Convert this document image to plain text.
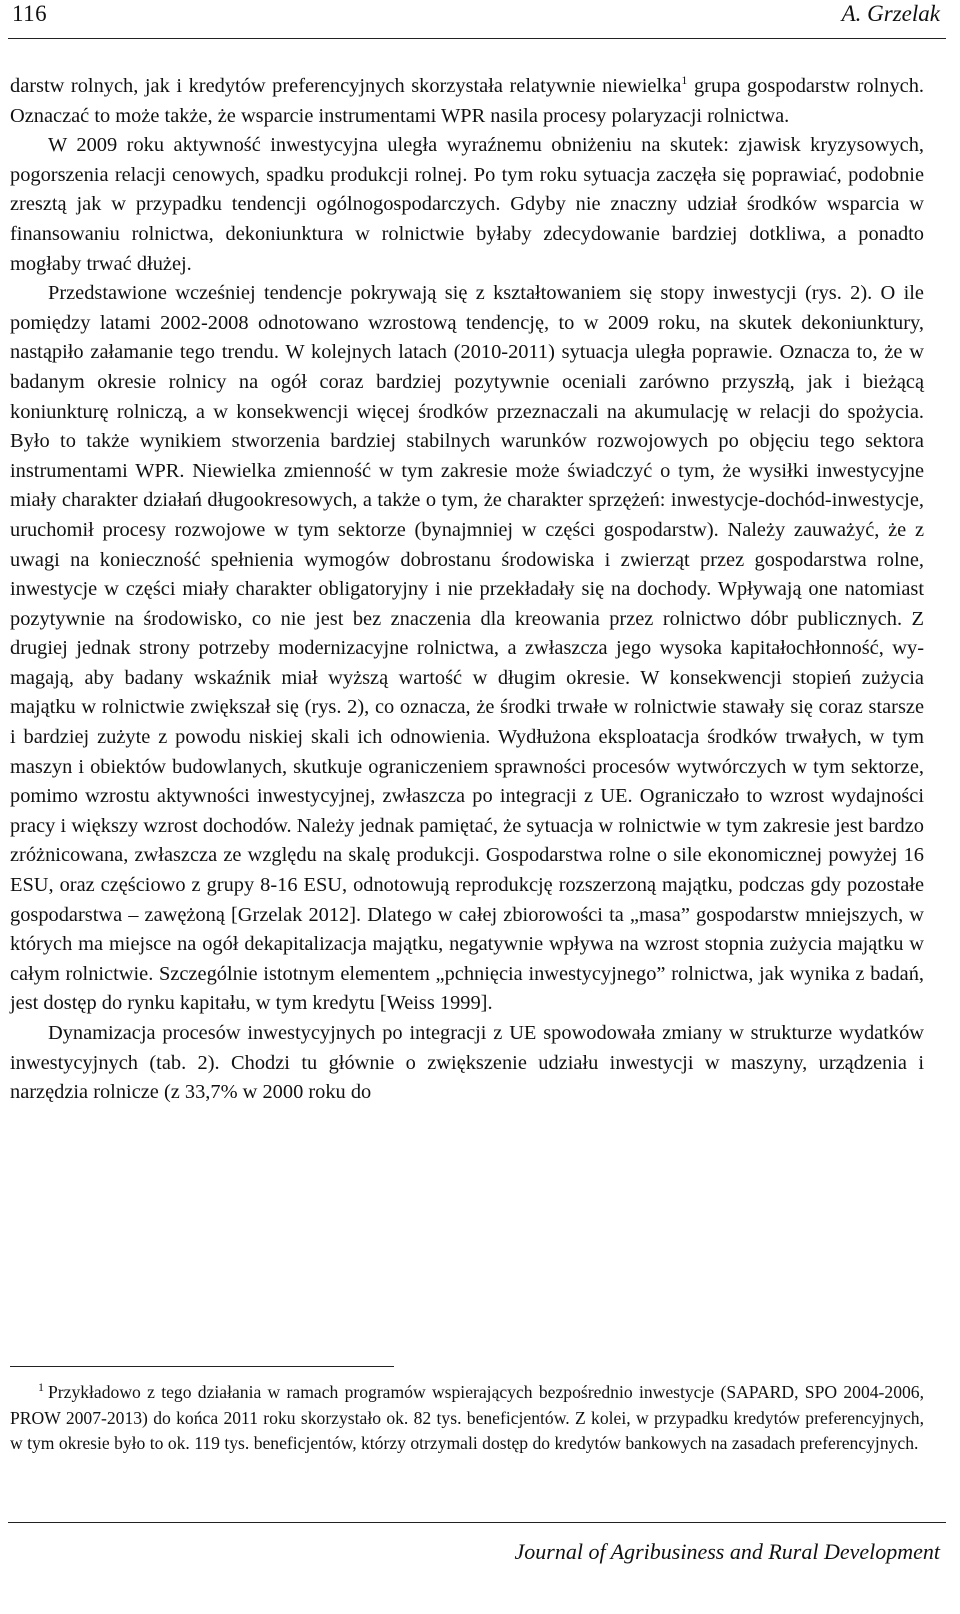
116	A. Grzelak

darstw rolnych, jak i kredytów preferencyjnych skorzystała relatywnie niewielka$^1$ grupa gospodarstw rolnych. Oznaczać to może także, że wsparcie instrumentami WPR nasila procesy polaryzacji rolnictwa.

W 2009 roku aktywność inwestycyjna uległa wyraźnemu obniżeniu na skutek: zjawisk kryzysowych, pogorszenia relacji cenowych, spadku produkcji rolnej. Po tym roku sytuacja zaczęła się poprawiać, podobnie zresztą jak w przypadku tendencji ogólnogospodarczych. Gdyby nie znaczny udział środków wsparcia w finansowaniu rolnictwa, dekoniunktura w rolnictwie byłaby zdecydowanie bardziej dotkliwa, a ponadto mogłaby trwać dłużej.

Przedstawione wcześniej tendencje pokrywają się z kształtowaniem się stopy inwestycji (rys. 2). O ile pomiędzy latami 2002-2008 odnotowano wzrostową tendencję, to w 2009 roku, na skutek dekoniunktury, nastąpiło załamanie tego trendu. W kolejnych latach (2010-2011) sytuacja uległa poprawie. Oznacza to, że w badanym okresie rolnicy na ogół coraz bardziej pozytywnie oceniali zarówno przyszłą, jak i bieżącą koniunkturę rolniczą, a w konsekwencji więcej środków przeznaczali na akumulację w relacji do spożycia. Było to także wynikiem stworzenia bardziej stabilnych warunków rozwojowych po objęciu tego sektora instrumentami WPR. Niewielka zmienność w tym zakresie może świadczyć o tym, że wysiłki inwestycyjne miały charakter działań długookresowych, a także o tym, że charakter sprzężeń: inwestycje-dochód-inwestycje, uruchomił procesy rozwojowe w tym sektorze (bynajmniej w części gospodarstw). Należy zauważyć, że z uwagi na konieczność spełnienia wymogów dobrostanu środowiska i zwierząt przez gospodarstwa rolne, inwestycje w części miały charakter obligatoryjny i nie przekładały się na dochody. Wpływają one natomiast pozytywnie na środowisko, co nie jest bez znaczenia dla kreowania przez rolnictwo dóbr publicznych. Z drugiej jednak strony potrzeby modernizacyjne rolnictwa, a zwłaszcza jego wysoka kapitałochłonność, wymagają, aby badany wskaźnik miał wyższą wartość w długim okresie. W konsekwencji stopień zużycia majątku w rolnictwie zwiększał się (rys. 2), co oznacza, że środki trwałe w rolnictwie stawały się coraz starsze i bardziej zużyte z powodu niskiej skali ich odnowienia. Wydłużona eksploatacja środków trwałych, w tym maszyn i obiektów budowlanych, skutkuje ograniczeniem sprawności procesów wytwórczych w tym sektorze, pomimo wzrostu aktywności inwestycyjnej, zwłaszcza po integracji z UE. Ograniczało to wzrost wydajności pracy i większy wzrost dochodów. Należy jednak pamiętać, że sytuacja w rolnictwie w tym zakresie jest bardzo zróżnicowana, zwłaszcza ze względu na skalę produkcji. Gospodarstwa rolne o sile ekonomicznej powyżej 16 ESU, oraz częściowo z grupy 8-16 ESU, odnotowują reprodukcję rozszerzoną majątku, podczas gdy pozostałe gospodarstwa – zawężoną [Grzelak 2012]. Dlatego w całej zbiorowości ta „masa” gospodarstw mniejszych, w których ma miejsce na ogół dekapitalizacja majątku, negatywnie wpływa na wzrost stopnia zużycia majątku w całym rolnictwie. Szczególnie istotnym elementem „pchnięcia inwestycyjnego” rolnictwa, jak wynika z badań, jest dostęp do rynku kapitału, w tym kredytu [Weiss 1999].

Dynamizacja procesów inwestycyjnych po integracji z UE spowodowała zmiany w strukturze wydatków inwestycyjnych (tab. 2). Chodzi tu głównie o zwiększenie udziału inwestycji w maszyny, urządzenia i narzędzia rolnicze (z 33,7% w 2000 roku do

$^1$ Przykładowo z tego działania w ramach programów wspierających bezpośrednio inwestycje (SAPARD, SPO 2004-2006, PROW 2007-2013) do końca 2011 roku skorzystało ok. 82 tys. beneficjentów. Z kolei, w przypadku kredytów preferencyjnych, w tym okresie było to ok. 119 tys. beneficjentów, którzy otrzymali dostęp do kredytów bankowych na zasadach preferencyjnych.
Journal of Agribusiness and Rural Development
